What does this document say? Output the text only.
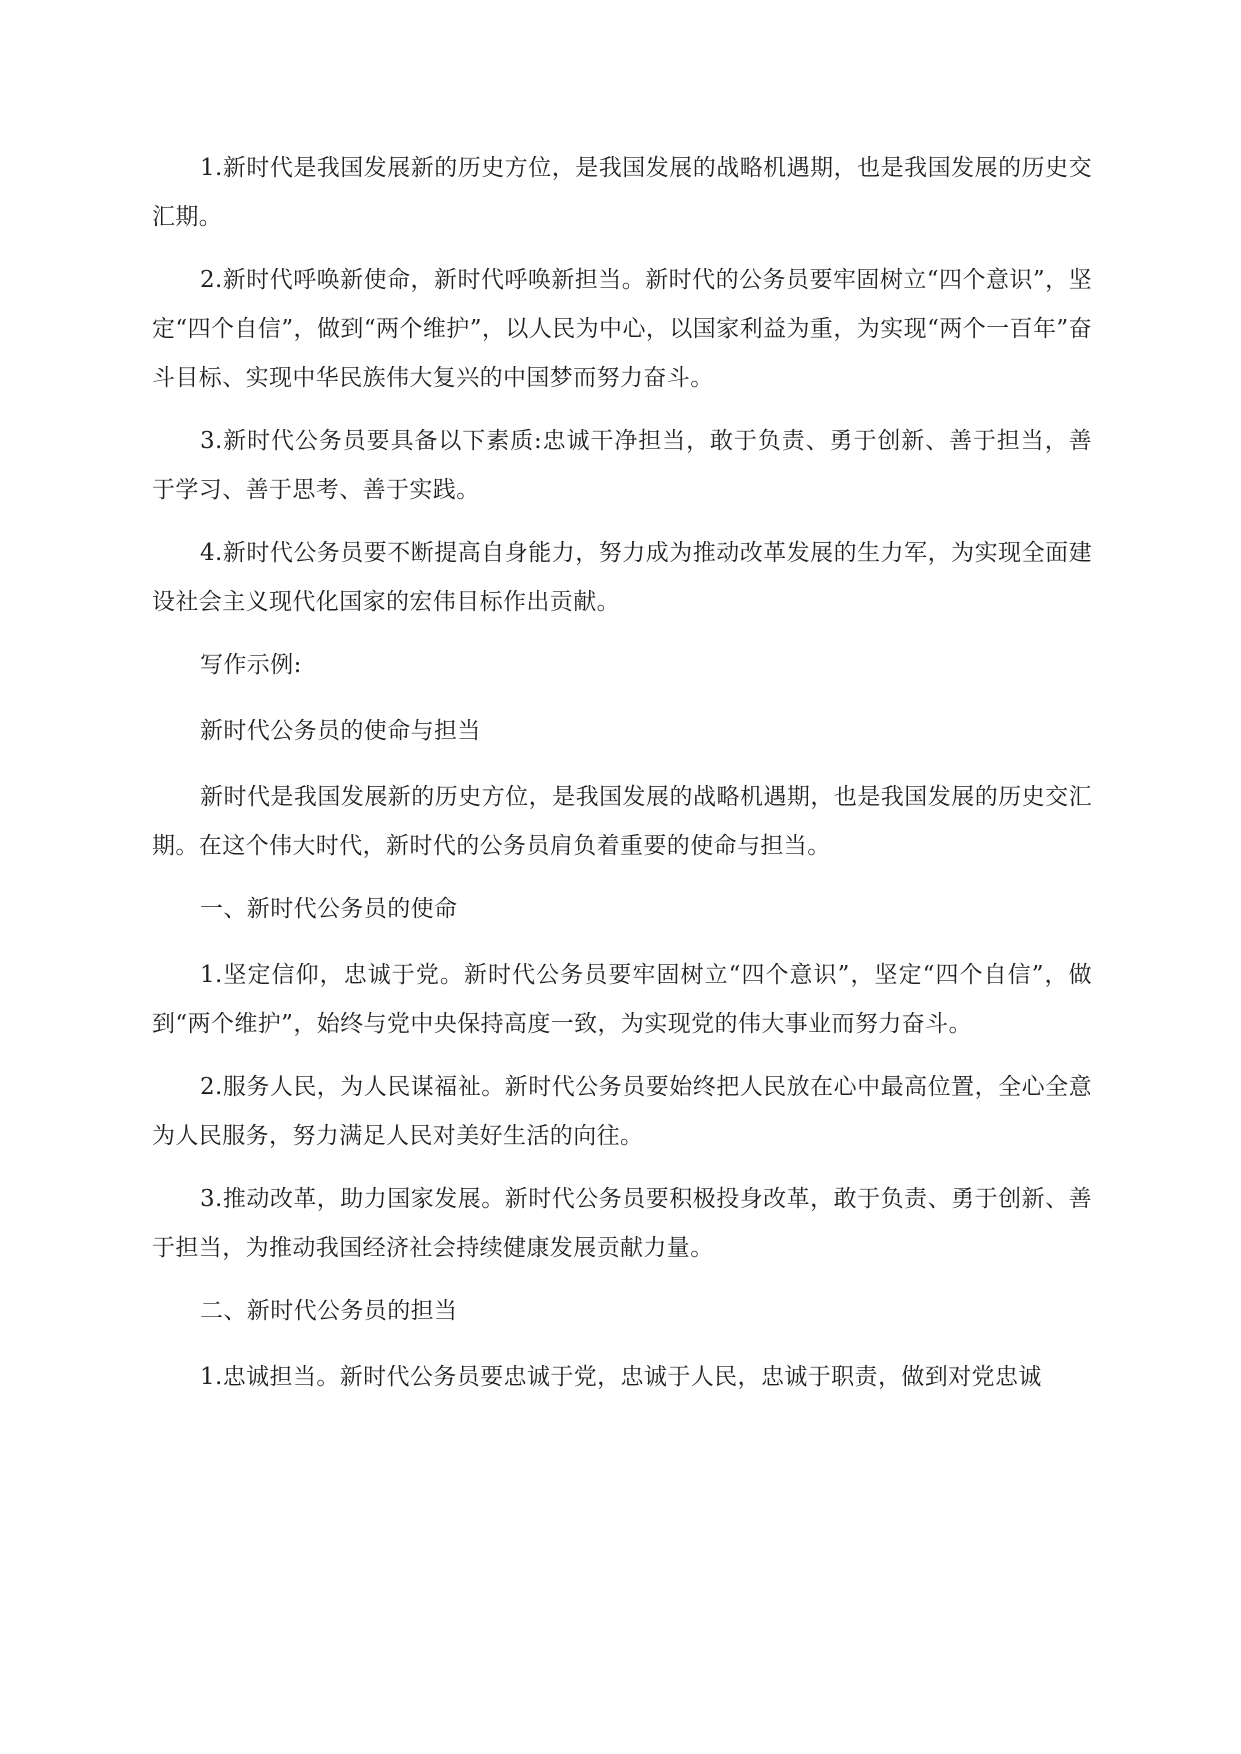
1.新时代是我国发展新的历史方位，是我国发展的战略机遇期，也是我国发展的历史交汇期。

2.新时代呼唤新使命，新时代呼唤新担当。新时代的公务员要牢固树立“四个意识”，坚定“四个自信”，做到“两个维护”，以人民为中心，以国家利益为重，为实现“两个一百年”奋斗目标、实现中华民族伟大复兴的中国梦而努力奋斗。

3.新时代公务员要具备以下素质:忠诚干净担当，敢于负责、勇于创新、善于担当，善于学习、善于思考、善于实践。

4.新时代公务员要不断提高自身能力，努力成为推动改革发展的生力军，为实现全面建设社会主义现代化国家的宏伟目标作出贡献。

写作示例:

新时代公务员的使命与担当

新时代是我国发展新的历史方位，是我国发展的战略机遇期，也是我国发展的历史交汇期。在这个伟大时代，新时代的公务员肩负着重要的使命与担当。

一、新时代公务员的使命

1.坚定信仰，忠诚于党。新时代公务员要牢固树立“四个意识”，坚定“四个自信”，做到“两个维护”，始终与党中央保持高度一致，为实现党的伟大事业而努力奋斗。

2.服务人民，为人民谋福祉。新时代公务员要始终把人民放在心中最高位置，全心全意为人民服务，努力满足人民对美好生活的向往。

3.推动改革，助力国家发展。新时代公务员要积极投身改革，敢于负责、勇于创新、善于担当，为推动我国经济社会持续健康发展贡献力量。

二、新时代公务员的担当

1.忠诚担当。新时代公务员要忠诚于党，忠诚于人民，忠诚于职责，做到对党忠诚
